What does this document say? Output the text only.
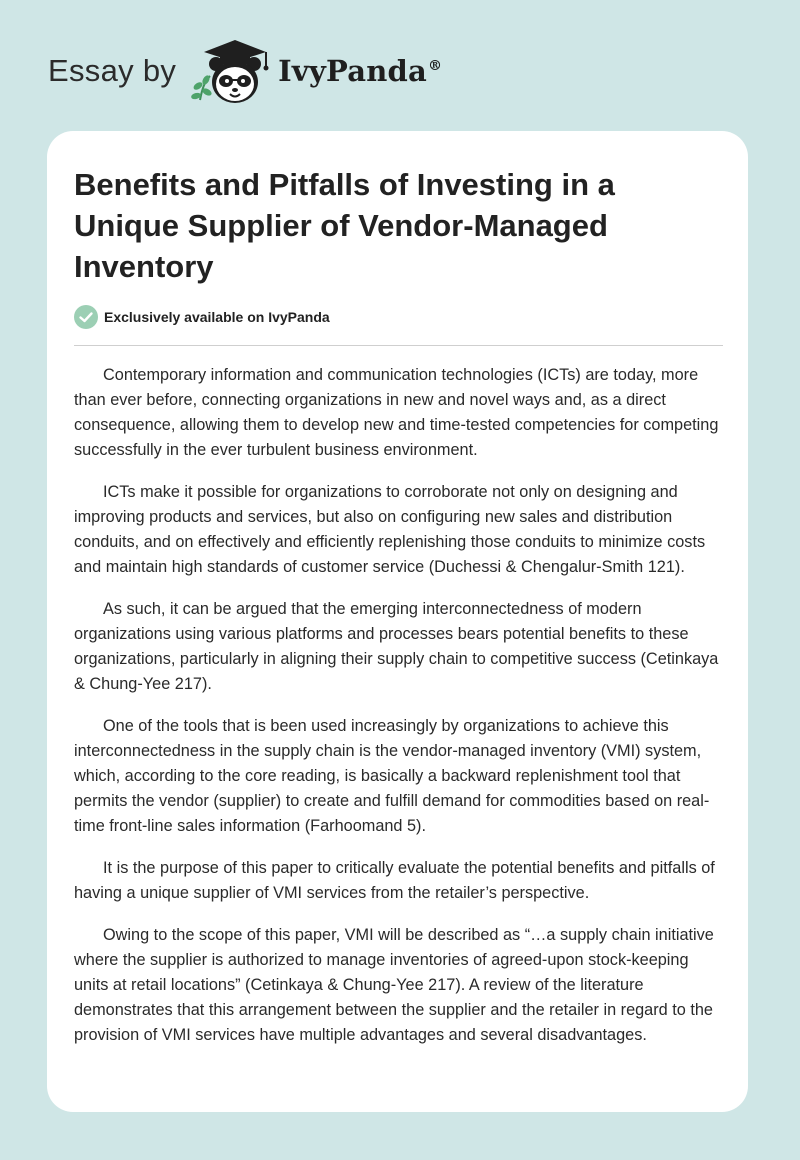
Essay by	IvyPanda®
Benefits and Pitfalls of Investing in a Unique Supplier of Vendor-Managed Inventory
Exclusively available on IvyPanda

Contemporary information and communication technologies (ICTs) are today, more than ever before, connecting organizations in new and novel ways and, as a direct consequence, allowing them to develop new and time-tested competencies for competing successfully in the ever turbulent business environment.

ICTs make it possible for organizations to corroborate not only on designing and improving products and services, but also on configuring new sales and distribution conduits, and on effectively and efficiently replenishing those conduits to minimize costs and maintain high standards of customer service (Duchessi & Chengalur-Smith 121).

As such, it can be argued that the emerging interconnectedness of modern organizations using various platforms and processes bears potential benefits to these organizations, particularly in aligning their supply chain to competitive success (Cetinkaya & Chung-Yee 217).

One of the tools that is been used increasingly by organizations to achieve this interconnectedness in the supply chain is the vendor-managed inventory (VMI) system, which, according to the core reading, is basically a backward replenishment tool that permits the vendor (supplier) to create and fulfill demand for commodities based on real-time front-line sales information (Farhoomand 5).

It is the purpose of this paper to critically evaluate the potential benefits and pitfalls of having a unique supplier of VMI services from the retailer’s perspective.

Owing to the scope of this paper, VMI will be described as “…a supply chain initiative where the supplier is authorized to manage inventories of agreed-upon stock-keeping units at retail locations” (Cetinkaya & Chung-Yee 217). A review of the literature demonstrates that this arrangement between the supplier and the retailer in regard to the provision of VMI services have multiple advantages and several disadvantages.
